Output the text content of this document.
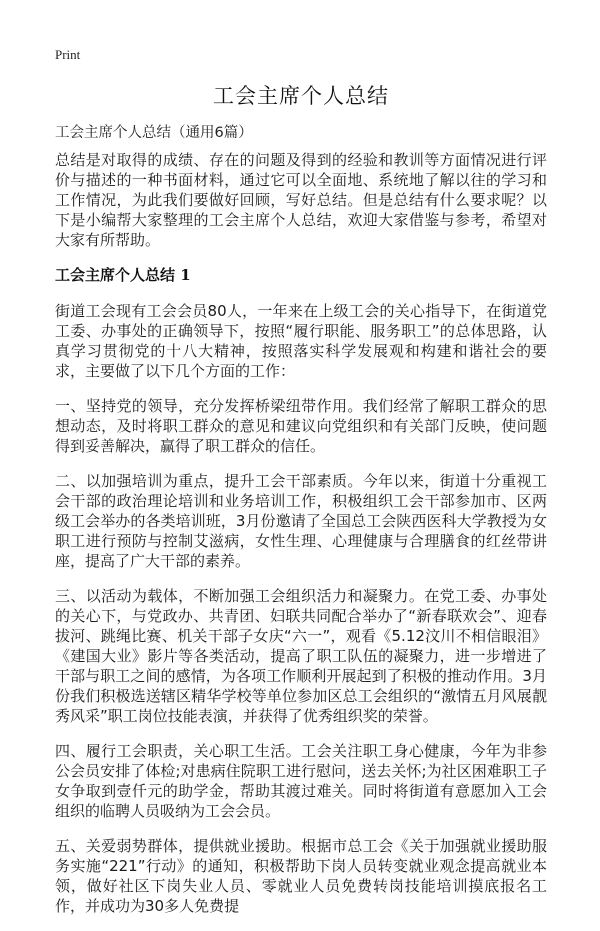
Print
工会主席个人总结
工会主席个人总结（通用6篇）

总结是对取得的成绩、存在的问题及得到的经验和教训等方面情况进行评价与描述的一种书面材料，通过它可以全面地、系统地了解以往的学习和工作情况，为此我们要做好回顾，写好总结。但是总结有什么要求呢？以下是小编帮大家整理的工会主席个人总结，欢迎大家借鉴与参考，希望对大家有所帮助。

工会主席个人总结 1

街道工会现有工会会员80人，一年来在上级工会的关心指导下，在街道党工委、办事处的正确领导下，按照“履行职能、服务职工”的总体思路，认真学习贯彻党的十八大精神，按照落实科学发展观和构建和谐社会的要求，主要做了以下几个方面的工作：

一、坚持党的领导，充分发挥桥梁纽带作用。我们经常了解职工群众的思想动态，及时将职工群众的意见和建议向党组织和有关部门反映，使问题得到妥善解决，赢得了职工群众的信任。

二、以加强培训为重点，提升工会干部素质。今年以来，街道十分重视工会干部的政治理论培训和业务培训工作，积极组织工会干部参加市、区两级工会举办的各类培训班，3月份邀请了全国总工会陕西医科大学教授为女职工进行预防与控制艾滋病，女性生理、心理健康与合理膳食的红丝带讲座，提高了广大干部的素养。

三、以活动为载体，不断加强工会组织活力和凝聚力。在党工委、办事处的关心下，与党政办、共青团、妇联共同配合举办了“新春联欢会”、迎春拔河、跳绳比赛、机关干部子女庆“六一”，观看《5.12汶川不相信眼泪》《建国大业》影片等各类活动，提高了职工队伍的凝聚力，进一步增进了干部与职工之间的感情，为各项工作顺利开展起到了积极的推动作用。3月份我们积极选送辖区精华学校等单位参加区总工会组织的“激情五月风展靓秀风采”职工岗位技能表演，并获得了优秀组织奖的荣誉。

四、履行工会职责，关心职工生活。工会关注职工身心健康，今年为非参公会员安排了体检;对患病住院职工进行慰问，送去关怀;为社区困难职工子女争取到壹仟元的助学金，帮助其渡过难关。同时将街道有意愿加入工会组织的临聘人员吸纳为工会会员。

五、关爱弱势群体，提供就业援助。根据市总工会《关于加强就业援助服务实施“221”行动》的通知，积极帮助下岗人员转变就业观念提高就业本领，做好社区下岗失业人员、零就业人员免费转岗技能培训摸底报名工作，并成功为30多人免费提
